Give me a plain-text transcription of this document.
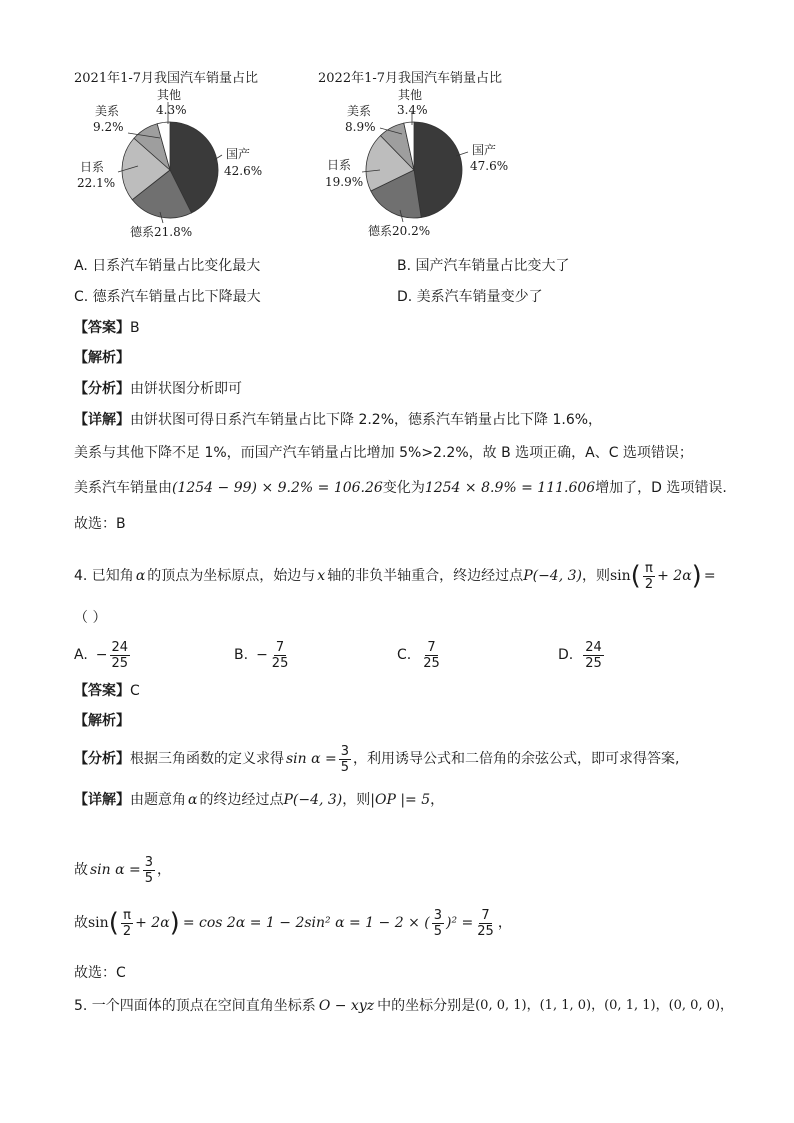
2021年1-7月我国汽车销量占比
其他
4.3%
美系
9.2%
日系
22.1%
国产
42.6%
德系21.8%
2022年1-7月我国汽车销量占比
其他
3.4%
美系
8.9%
日系
19.9%
国产
47.6%
德系20.2%
A. 日系汽车销量占比变化最大	B. 国产汽车销量占比变大了
C. 德系汽车销量占比下降最大	D. 美系汽车销量变少了
【答案】B
【解析】
【分析】由饼状图分析即可
【详解】由饼状图可得日系汽车销量占比下降 2.2%，德系汽车销量占比下降 1.6%，
美系与其他下降不足 1%，而国产汽车销量占比增加 5%>2.2%，故 B 选项正确，A、C 选项错误；
美系汽车销量由(1254 − 99) × 9.2% = 106.26变化为1254 × 8.9% = 111.606增加了，D 选项错误.
故选：B
4. 已知角 α 的顶点为坐标原点，始边与 x 轴的非负半轴重合，终边经过点 P(−4, 3) ，则 sin ( $\frac{\pi}{2} + 2\alpha$ ) =
（ ）
A. − $\frac{24}{25}$	B. − $\frac{7}{25}$	C. $\frac{7}{25}$	D. $\frac{24}{25}$
【答案】C
【解析】
【分析】 根据三角函数的定义求得 $\sin \alpha = \frac{3}{5}$ ，利用诱导公式和二倍角的余弦公式，即可求得答案,
【详解】 由题意角 α 的终边经过点 P(−4, 3) ，则 |OP |= 5 ，
故 $\sin \alpha = \frac{3}{5}$ ，
故 sin ( $\frac{\pi}{2} + 2\alpha$ ) = cos 2α = 1 − 2sin² α = 1 − 2 × ( $\frac{3}{5} )^2 = \frac{7}{25}$ ，
故选：C
5. 一个四面体的顶点在空间直角坐标系 O − xyz 中的坐标分别是 (0, 0, 1)，(1, 1, 0)，(0, 1, 1)，(0, 0, 0)，
